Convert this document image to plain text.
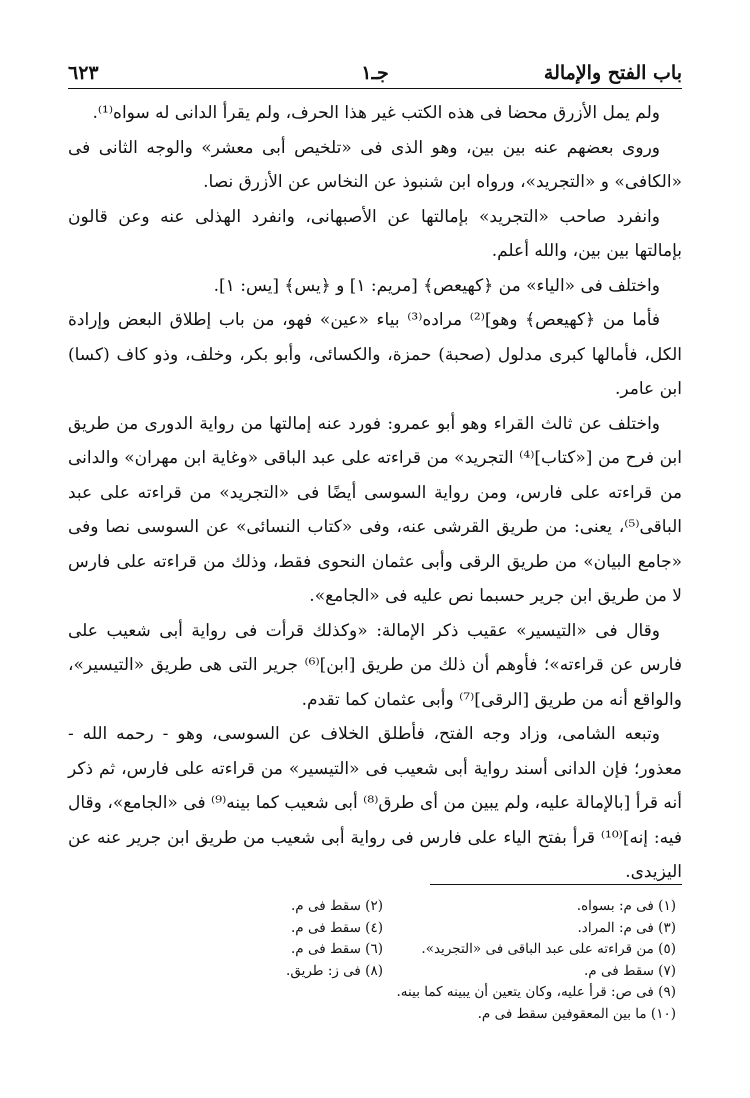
باب الفتح والإمالة
جـ١
٦٢٣

ولم يمل الأزرق محضا فى هذه الكتب غير هذا الحرف، ولم يقرأ الدانى له سواه⁽¹⁾.

وروى بعضهم عنه بين بين، وهو الذى فى «تلخيص أبى معشر» والوجه الثانى فى «الكافى» و «التجريد»، ورواه ابن شنبوذ عن النخاس عن الأزرق نصا.

وانفرد صاحب «التجريد» بإمالتها عن الأصبهانى، وانفرد الهذلى عنه وعن قالون بإمالتها بين بين، والله أعلم.

واختلف فى «الياء» من ﴿كهيعص﴾ [مريم: ١] و ﴿يس﴾ [يس: ١].

فأما من ﴿كهيعص﴾ وهو]⁽²⁾ مراده⁽³⁾ بياء «عين» فهو، من باب إطلاق البعض وإرادة الكل، فأمالها كبرى مدلول (صحبة) حمزة، والكسائى، وأبو بكر، وخلف، وذو كاف (كسا) ابن عامر.

واختلف عن ثالث القراء وهو أبو عمرو: فورد عنه إمالتها من رواية الدورى من طريق ابن فرح من [«كتاب]⁽⁴⁾ التجريد» من قراءته على عبد الباقى «وغاية ابن مهران» والدانى من قراءته على فارس، ومن رواية السوسى أيضًا فى «التجريد» من قراءته على عبد الباقى⁽⁵⁾، يعنى: من طريق القرشى عنه، وفى «كتاب النسائى» عن السوسى نصا وفى «جامع البيان» من طريق الرقى وأبى عثمان النحوى فقط، وذلك من قراءته على فارس لا من طريق ابن جرير حسبما نص عليه فى «الجامع».

وقال فى «التيسير» عقيب ذكر الإمالة: «وكذلك قرأت فى رواية أبى شعيب على فارس عن قراءته»؛ فأوهم أن ذلك من طريق [ابن]⁽⁶⁾ جرير التى هى طريق «التيسير»، والواقع أنه من طريق [الرقى]⁽⁷⁾ وأبى عثمان كما تقدم.

وتبعه الشامى، وزاد وجه الفتح، فأطلق الخلاف عن السوسى، وهو - رحمه الله - معذور؛ فإن الدانى أسند رواية أبى شعيب فى «التيسير» من قراءته على فارس، ثم ذكر أنه قرأ [بالإمالة عليه، ولم يبين من أى طرق⁽⁸⁾ أبى شعيب كما بينه⁽⁹⁾ فى «الجامع»، وقال فيه: إنه]⁽¹⁰⁾ قرأ بفتح الياء على فارس فى رواية أبى شعيب من طريق ابن جرير عنه عن اليزيدى.

(١) فى م: بسواه.
(٢) سقط فى م.
(٣) فى م: المراد.
(٤) سقط فى م.
(٥) من قراءته على عبد الباقى فى «التجريد».
(٦) سقط فى م.
(٧) سقط فى م.
(٨) فى ز: طريق.
(٩) فى ص: قرأ عليه، وكان يتعين أن يبينه كما بينه.
(١٠) ما بين المعقوفين سقط فى م.
